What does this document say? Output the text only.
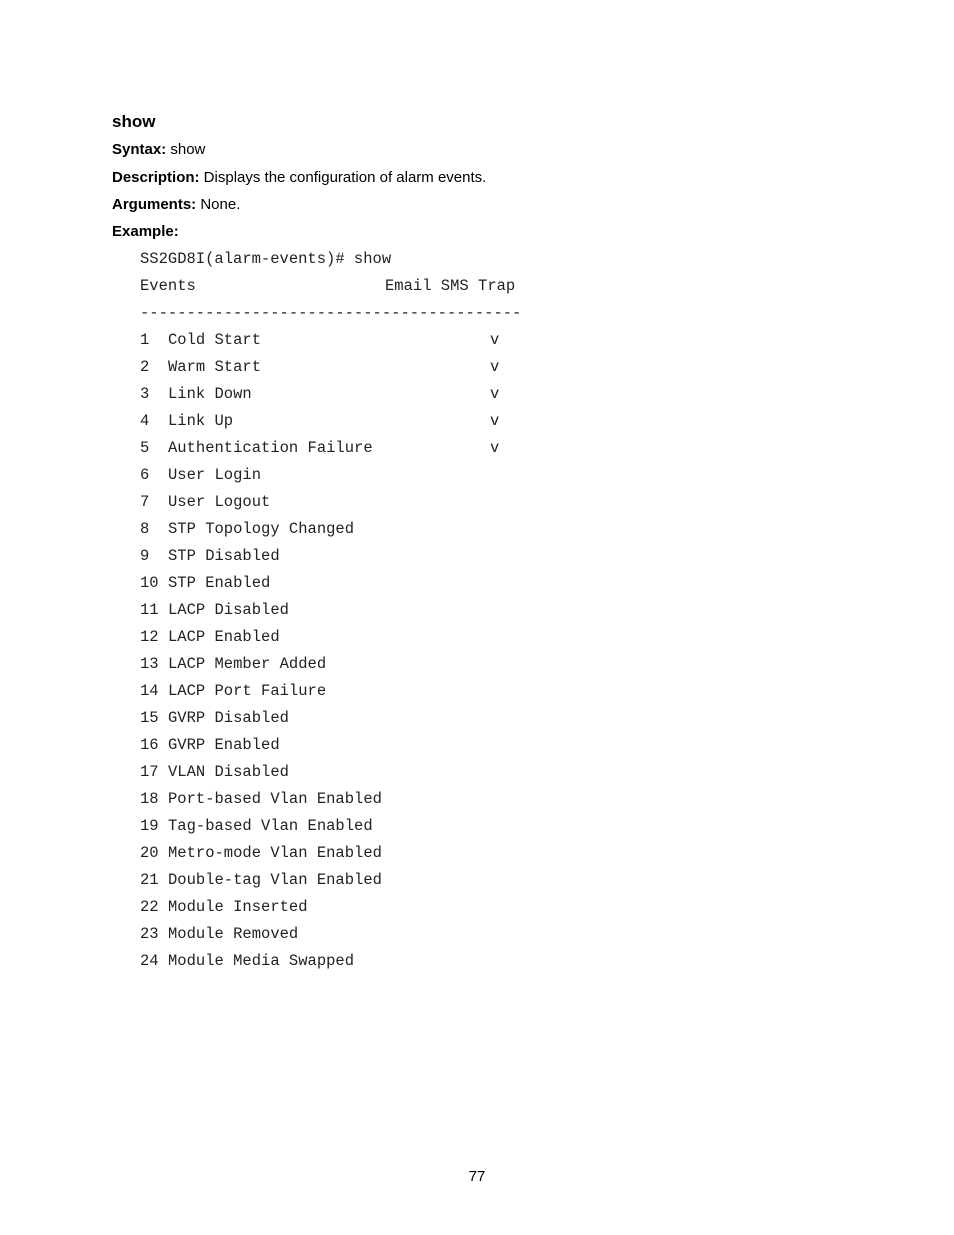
show
Syntax: show
Description: Displays the configuration of alarm events.
Arguments: None.
Example:
SS2GD8I(alarm-events)# show
Events	Email SMS Trap
-----------------------------------------
1 Cold Start	v
2 Warm Start	v
3 Link Down	v
4 Link Up	v
5 Authentication Failure	v
6 User Login
7 User Logout
8 STP Topology Changed
9 STP Disabled
10 STP Enabled
11 LACP Disabled
12 LACP Enabled
13 LACP Member Added
14 LACP Port Failure
15 GVRP Disabled
16 GVRP Enabled
17 VLAN Disabled
18 Port-based Vlan Enabled
19 Tag-based Vlan Enabled
20 Metro-mode Vlan Enabled
21 Double-tag Vlan Enabled
22 Module Inserted
23 Module Removed
24 Module Media Swapped
77
